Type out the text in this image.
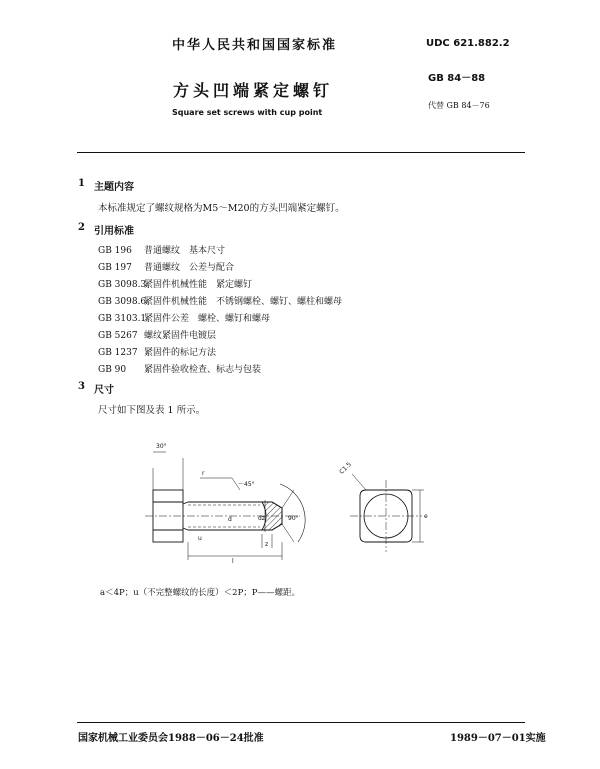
中华人民共和国国家标准	UDC 621.882.2
GB 84－88
代替 GB 84－76
方头凹端紧定螺钉
Square set screws with cup point
1 主题内容
本标准规定了螺纹规格为M5～M20的方头凹端紧定螺钉。
2 引用标准
GB 196 普通螺纹　基本尺寸
GB 197 普通螺纹　公差与配合
GB 3098.3紧固件机械性能　紧定螺钉
GB 3098.6紧固件机械性能　不锈钢螺栓、螺钉、螺柱和螺母
GB 3103.1紧固件公差　螺栓、螺钉和螺母
GB 5267 螺纹紧固件电镀层
GB 1237 紧固件的标记方法
GB 90 紧固件验收检查、标志与包装
3 尺寸
尺寸如下图及表 1 所示。
30°
r
～45°
d	dz	90°
u
z
l
C1.5
e
a＜4P；u（不完整螺纹的长度）＜2P；P——螺距。
国家机械工业委员会1988－06－24批准	1989－07－01实施
